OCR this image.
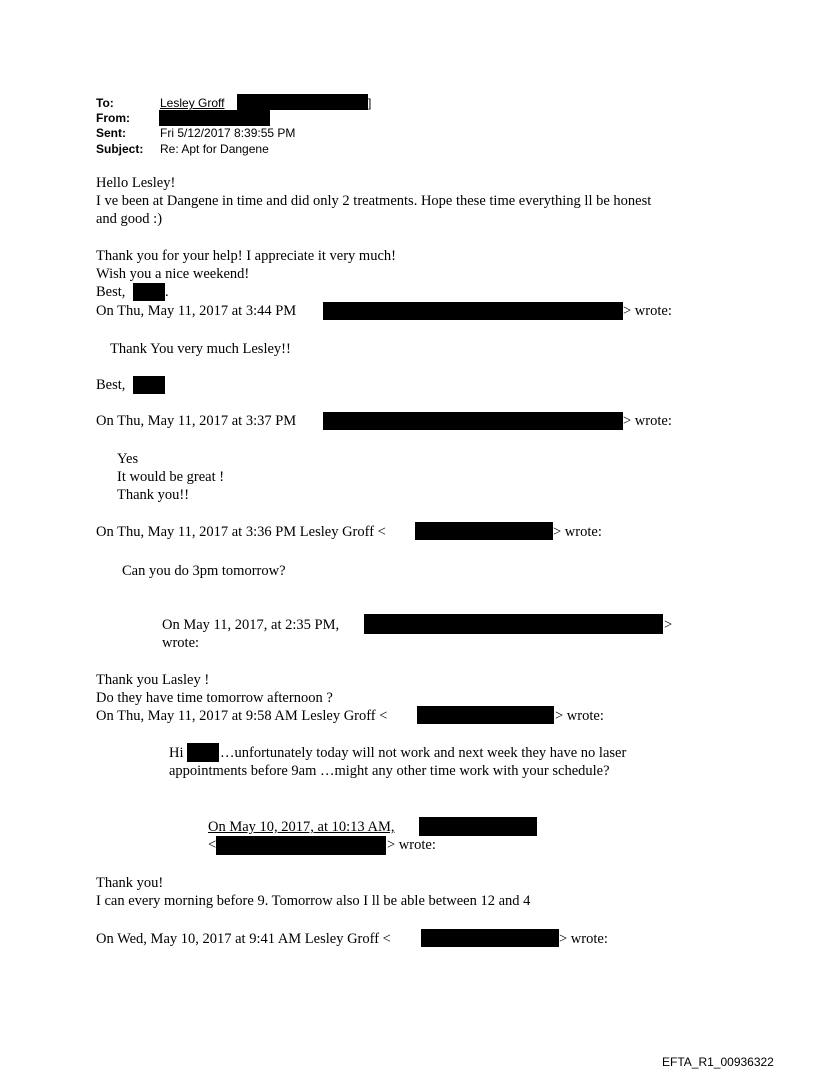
To:	Lesley Groff	]
From:
Sent:	Fri 5/12/2017 8:39:55 PM
Subject: Re: Apt for Dangene
Hello Lesley!
I ve been at Dangene in time and did only 2 treatments. Hope these time everything ll be honest
and good :)
Thank you for your help! I appreciate it very much!
Wish you a nice weekend!
Best,	.
On Thu, May 11, 2017 at 3:44 PM	> wrote:
Thank You very much Lesley!!
Best,
On Thu, May 11, 2017 at 3:37 PM	> wrote:
Yes
It would be great !
Thank you!!
On Thu, May 11, 2017 at 3:36 PM Lesley Groff <	> wrote:
Can you do 3pm tomorrow?
On May 11, 2017, at 2:35 PM,	>
wrote:
Thank you Lasley !
Do they have time tomorrow afternoon ?
On Thu, May 11, 2017 at 9:58 AM Lesley Groff <	> wrote:
Hi	…unfortunately today will not work and next week they have no laser
appointments before 9am …might any other time work with your schedule?
On May 10, 2017, at 10:13 AM,
<	> wrote:
Thank you!
I can every morning before 9. Tomorrow also I ll be able between 12 and 4
On Wed, May 10, 2017 at 9:41 AM Lesley Groff <	> wrote:
EFTA_R1_00936322
